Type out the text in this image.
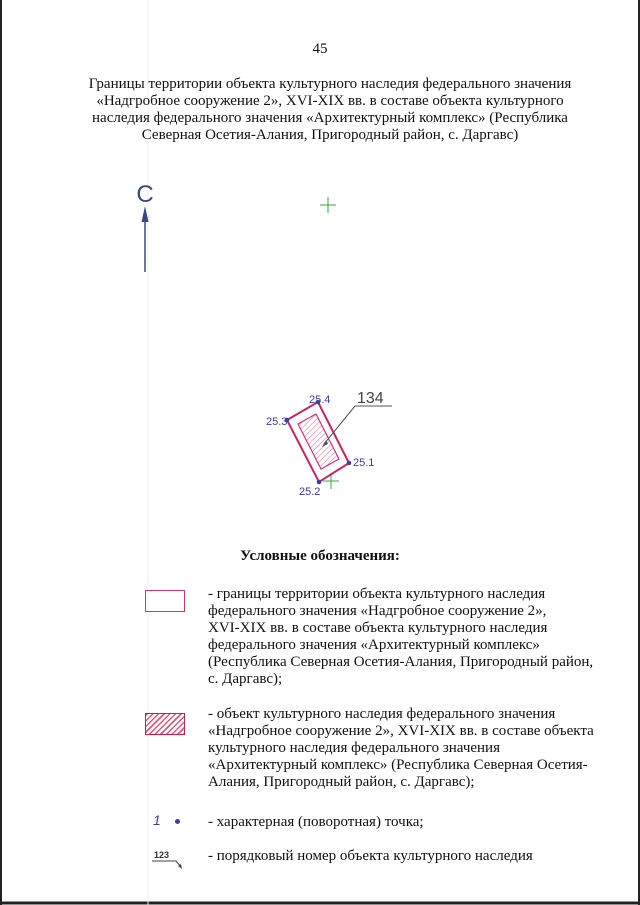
45
Границы территории объекта культурного наследия федерального значения
«Надгробное сооружение 2», XVI-XIX вв. в составе объекта культурного
наследия федерального значения «Архитектурный комплекс» (Республика
Северная Осетия-Алания, Пригородный район, с. Даргавс)
С
134
25.1
25.2
25.3
25.4
Условные обозначения:
- границы территории объекта культурного наследия
федерального значения «Надгробное сооружение 2»,
XVI-XIX вв. в составе объекта культурного наследия
федерального значения «Архитектурный комплекс»
(Республика Северная Осетия-Алания, Пригородный район,
с. Даргавс);
- объект культурного наследия федерального значения
«Надгробное сооружение 2», XVI-XIX вв. в составе объекта
культурного наследия федерального значения
«Архитектурный комплекс» (Республика Северная Осетия-
Алания, Пригородный район, с. Даргавс);
1	- характерная (поворотная) точка;
123	- порядковый номер объекта культурного наследия
